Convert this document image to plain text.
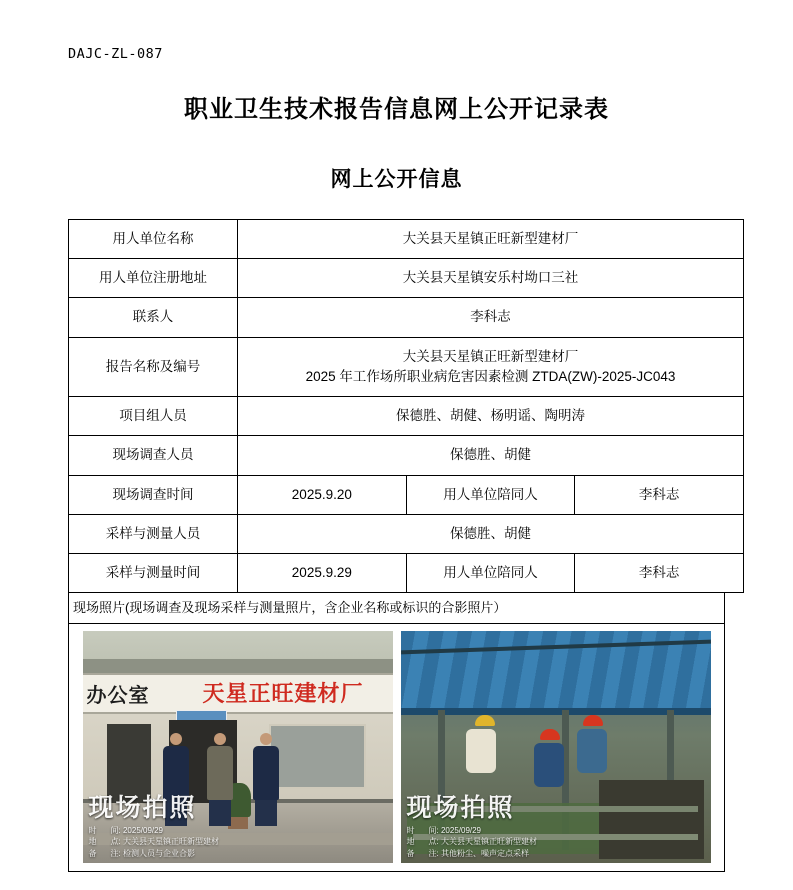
DAJC-ZL-087
职业卫生技术报告信息网上公开记录表
网上公开信息
用人单位名称	大关县天星镇正旺新型建材厂		
用人单位注册地址	大关县天星镇安乐村坳口三社		
联系人	李科志		
报告名称及编号	大关县天星镇正旺新型建材厂
2025 年工作场所职业病危害因素检测 ZTDA(ZW)-2025-JC043		

项目组人员	保德胜、胡健、杨明谣、陶明涛		
现场调查人员	保德胜、胡健		
现场调查时间	2025.9.20	用人单位陪同人	李科志
采样与测量人员	保德胜、胡健		
采样与测量时间	2025.9.29	用人单位陪同人	李科志
现场照片(现场调查及现场采样与测量照片，含企业名称或标识的合影照片）
办公室 天星正旺建材厂
现场拍照
时 间: 2025/09/29
地 点: 大关县天星镇正旺新型建材
备 注: 检测人员与企业合影
现场拍照
时 间: 2025/09/29
地 点: 大关县天星镇正旺新型建材
备 注: 其他粉尘、噪声定点采样
